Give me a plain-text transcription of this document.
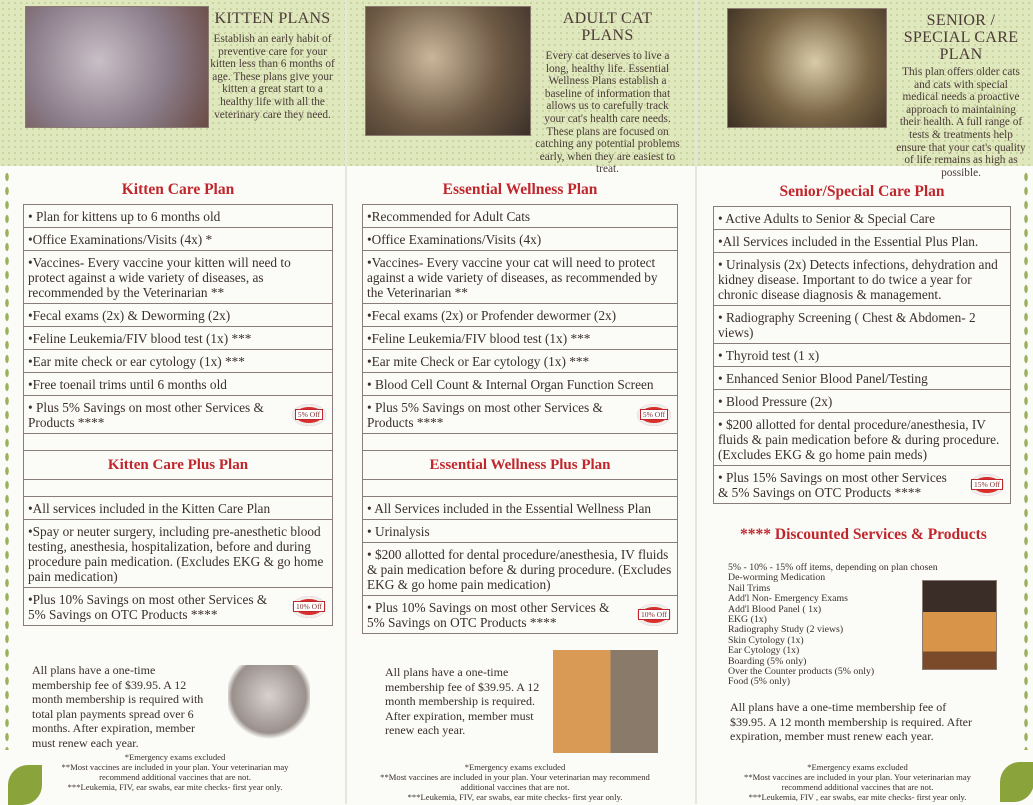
KITTEN PLANS

Establish an early habit of preventive care for your kitten less than 6 months of age. These plans give your kitten a great start to a healthy life with all the veterinary care they need.

ADULT CAT PLANS

Every cat deserves to live a long, healthy life. Essential Wellness Plans establish a baseline of information that allows us to carefully track your cat's health care needs. These plans are focused on catching any potential problems early, when they are easiest to treat.

SENIOR / SPECIAL CARE PLAN

This plan offers older cats and cats with special medical needs a proactive approach to maintaining their health. A full range of tests & treatments help ensure that your cat's quality of life remains as high as possible.

Kitten Care Plan
• Plan for kittens up to 6 months old
•Office Examinations/Visits (4x) *
•Vaccines- Every vaccine your kitten will need to protect against a wide variety of diseases, as recommended by the Veterinarian **
•Fecal exams (2x) & Deworming (2x)
•Feline Leukemia/FIV blood test (1x) ***
•Ear mite check or ear cytology (1x) ***
•Free toenail trims until 6 months old
• Plus 5% Savings on most other Services & Products ****
5% Off

Kitten Care Plus Plan

•All services included in the Kitten Care Plan
•Spay or neuter surgery, including pre-anesthetic blood testing, anesthesia, hospitalization, before and during procedure pain medication. (Excludes EKG & go home pain medication)
•Plus 10% Savings on most other Services & 5% Savings on OTC Products ****
10% Off
Essential Wellness Plan
•Recommended for Adult Cats
•Office Examinations/Visits (4x)
•Vaccines- Every vaccine your cat will need to protect against a wide variety of diseases, as recommended by the Veterinarian **
•Fecal exams (2x) or Profender dewormer (2x)
•Feline Leukemia/FIV blood test (1x) ***
•Ear mite Check or Ear cytology (1x) ***
• Blood Cell Count & Internal Organ Function Screen
• Plus 5% Savings on most other Services & Products ****
5% Off

Essential Wellness Plus Plan

• All Services included in the Essential Wellness Plan
• Urinalysis
• $200 allotted for dental procedure/anesthesia, IV fluids & pain medication before & during procedure. (Excludes EKG & go home pain medication)
• Plus 10% Savings on most other Services & 5% Savings on OTC Products ****
10% Off
Senior/Special Care Plan
• Active Adults to Senior & Special Care
•All Services included in the Essential Plus Plan.
• Urinalysis (2x) Detects infections, dehydration and kidney disease. Important to do twice a year for chronic disease diagnosis & management.
• Radiography Screening ( Chest & Abdomen- 2 views)
• Thyroid test (1 x)
• Enhanced Senior Blood Panel/Testing
• Blood Pressure (2x)
• $200 allotted for dental procedure/anesthesia, IV fluids & pain medication before & during procedure. (Excludes EKG & go home pain meds)
• Plus 15% Savings on most other Services & 5% Savings on OTC Products ****
15% Off
**** Discounted Services & Products
5% - 10% - 15% off items, depending on plan chosen
De-worming Medication
Nail Trims
Add'l Non- Emergency Exams
Add'l Blood Panel ( 1x)
EKG (1x)
Radiography Study (2 views)
Skin Cytology (1x)
Ear Cytology (1x)
Boarding (5% only)
Over the Counter products (5% only)
Food (5% only)
All plans have a one-time membership fee of $39.95. A 12 month membership is required with total plan payments spread over 6 months. After expiration, member must renew each year.
All plans have a one-time membership fee of $39.95. A 12 month membership is required. After expiration, member must renew each year.
All plans have a one-time membership fee of $39.95. A 12 month membership is required. After expiration, member must renew each year.
*Emergency exams excluded
**Most vaccines are included in your plan. Your veterinarian may recommend additional vaccines that are not.
***Leukemia, FIV, ear swabs, ear mite checks- first year only.
*Emergency exams excluded
**Most vaccines are included in your plan. Your veterinarian may recommend additional vaccines that are not.
***Leukemia, FIV, ear swabs, ear mite checks- first year only.
*Emergency exams excluded
**Most vaccines are included in your plan. Your veterinarian may recommend additional vaccines that are not.
***Leukemia, FIV , ear swabs, ear mite checks- first year only.
